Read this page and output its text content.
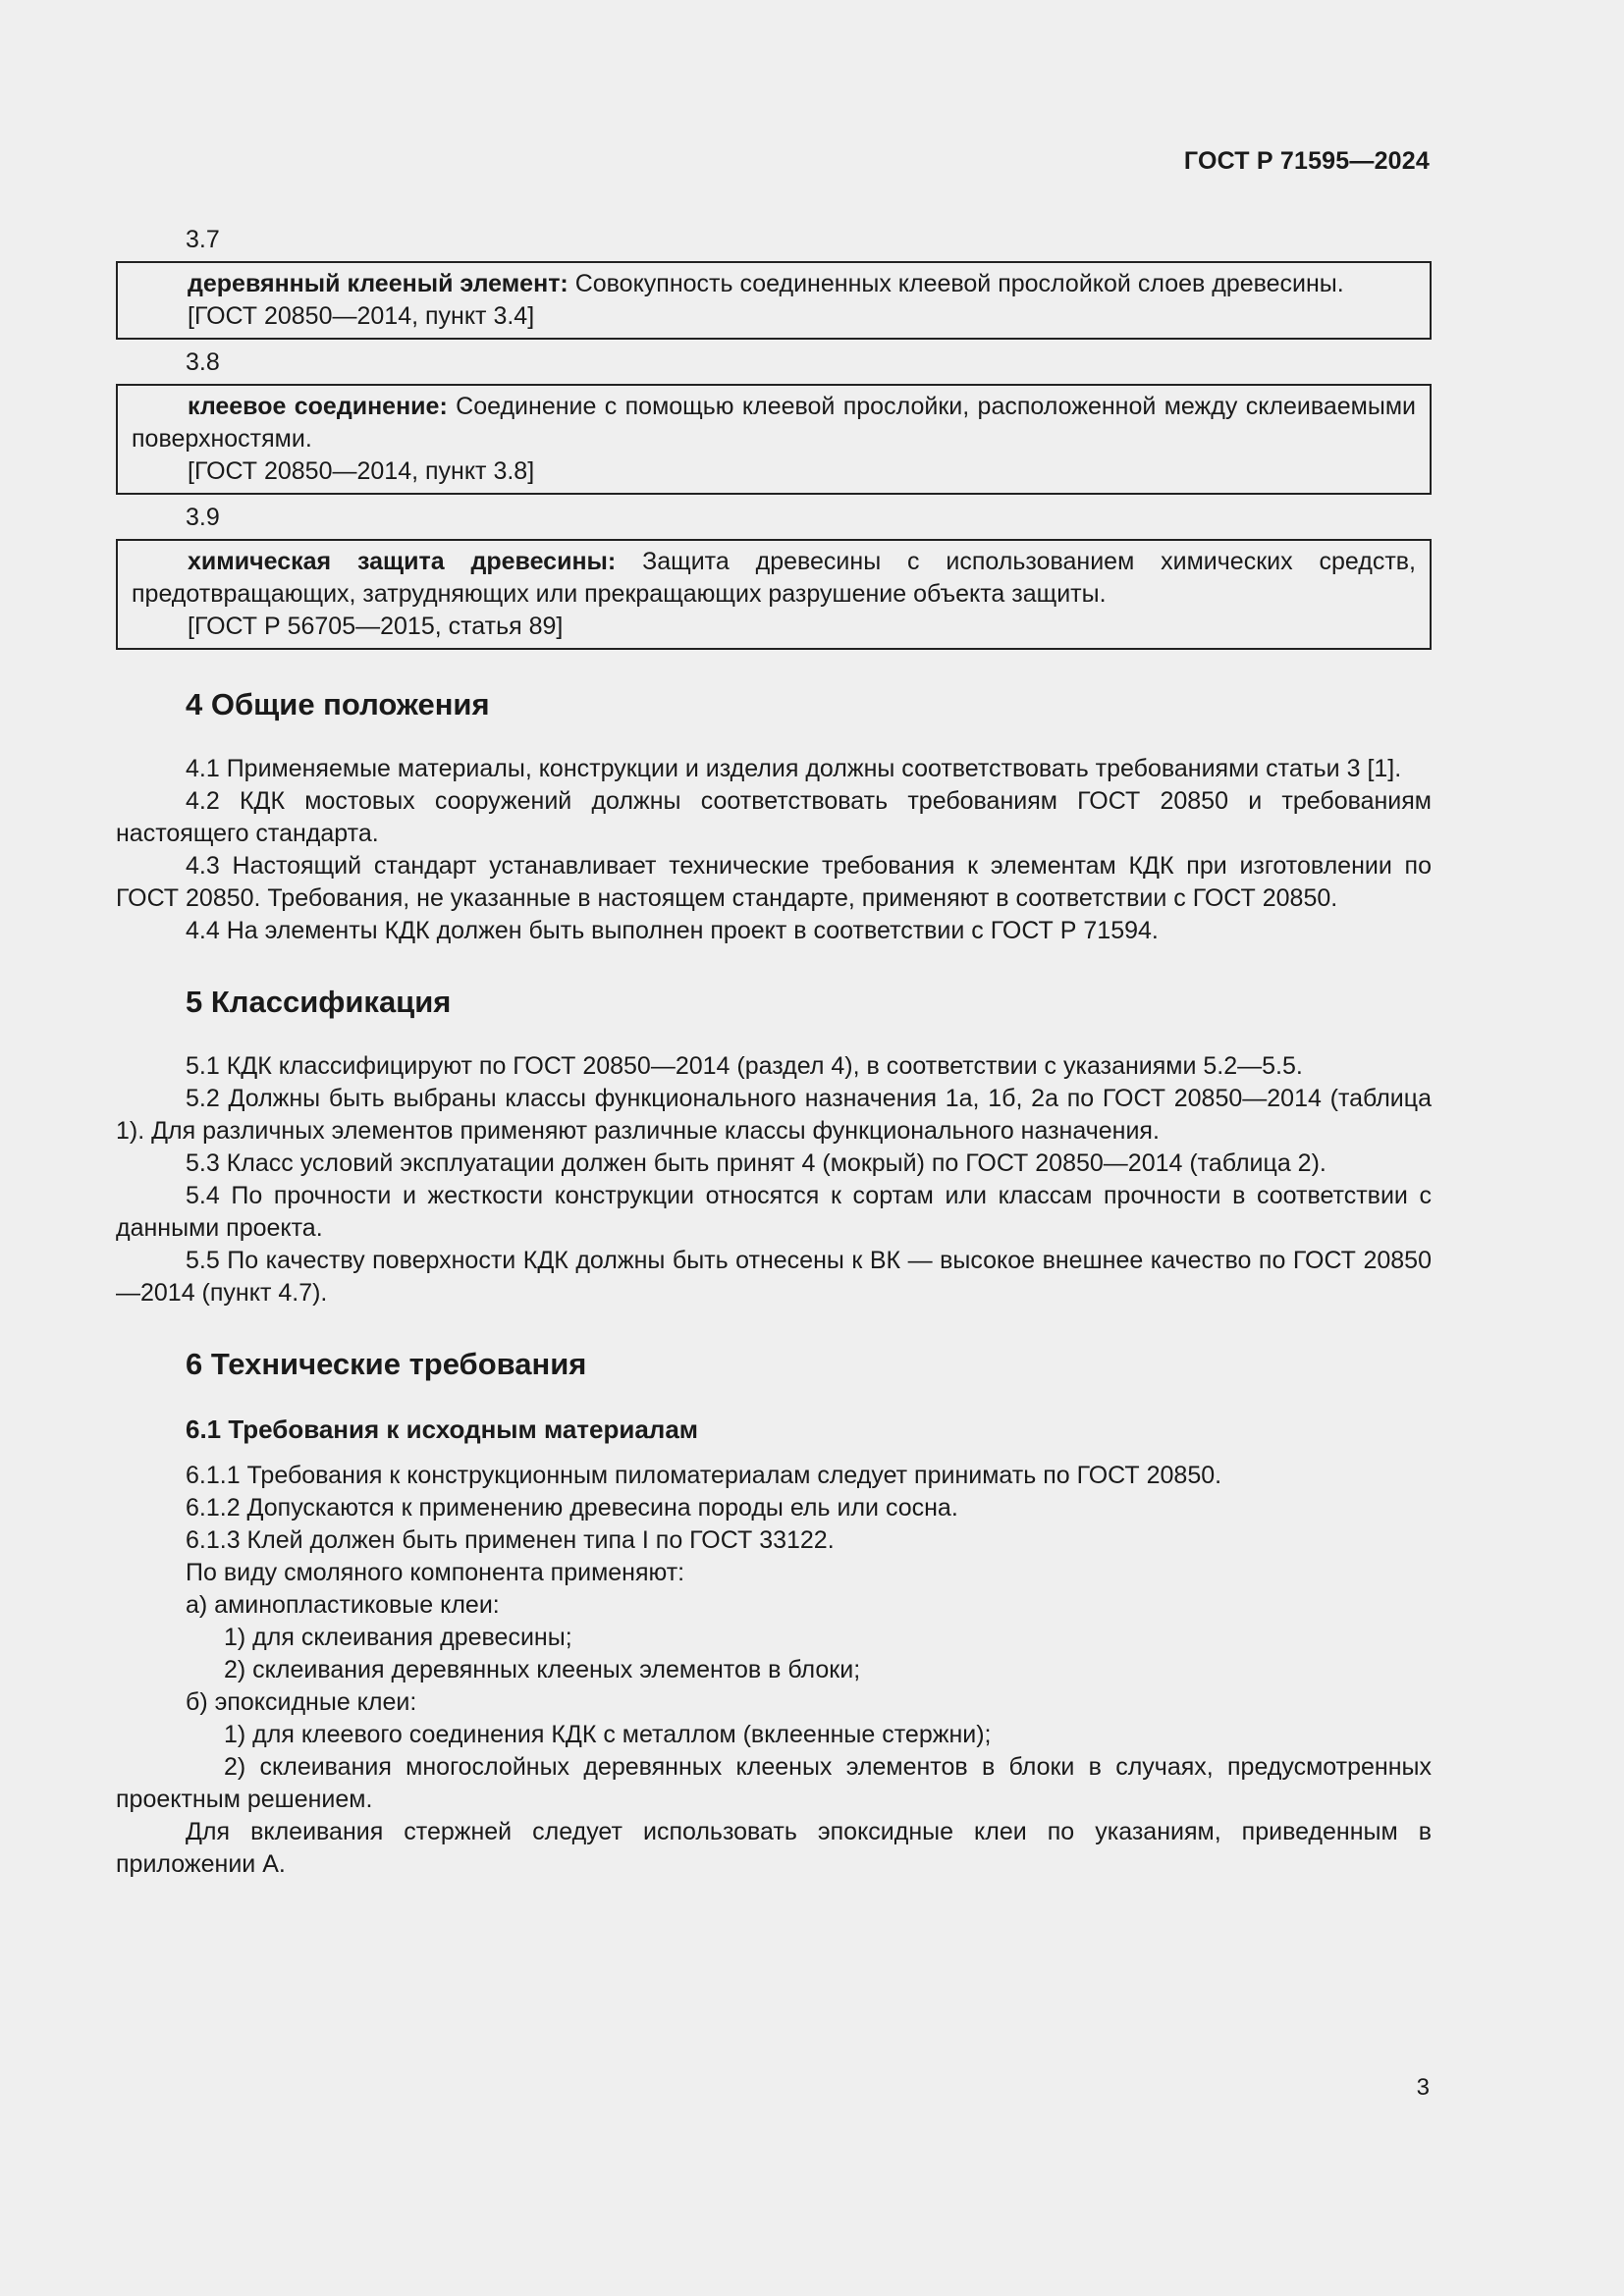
ГОСТ Р 71595—2024

3.7

деревянный клееный элемент: Совокупность соединенных клеевой прослойкой слоев древесины.

[ГОСТ 20850—2014, пункт 3.4]

3.8

клеевое соединение: Соединение с помощью клеевой прослойки, расположенной между склеиваемыми поверхностями.

[ГОСТ 20850—2014, пункт 3.8]

3.9

химическая защита древесины: Защита древесины с использованием химических средств, предотвращающих, затрудняющих или прекращающих разрушение объекта защиты.

[ГОСТ Р 56705—2015, статья 89]

4 Общие положения

4.1 Применяемые материалы, конструкции и изделия должны соответствовать требованиями статьи 3 [1].

4.2 КДК мостовых сооружений должны соответствовать требованиям ГОСТ 20850 и требованиям настоящего стандарта.

4.3 Настоящий стандарт устанавливает технические требования к элементам КДК при изготовлении по ГОСТ 20850. Требования, не указанные в настоящем стандарте, применяют в соответствии с ГОСТ 20850.

4.4 На элементы КДК должен быть выполнен проект в соответствии с ГОСТ Р 71594.

5 Классификация

5.1 КДК классифицируют по ГОСТ 20850—2014 (раздел 4), в соответствии с указаниями 5.2—5.5.

5.2 Должны быть выбраны классы функционального назначения 1а, 1б, 2а по ГОСТ 20850—2014 (таблица 1). Для различных элементов применяют различные классы функционального назначения.

5.3 Класс условий эксплуатации должен быть принят 4 (мокрый) по ГОСТ 20850—2014 (таблица 2).

5.4 По прочности и жесткости конструкции относятся к сортам или классам прочности в соответствии с данными проекта.

5.5 По качеству поверхности КДК должны быть отнесены к ВК — высокое внешнее качество по ГОСТ 20850—2014 (пункт 4.7).

6 Технические требования
6.1 Требования к исходным материалам

6.1.1 Требования к конструкционным пиломатериалам следует принимать по ГОСТ 20850.

6.1.2 Допускаются к применению древесина породы ель или сосна.

6.1.3 Клей должен быть применен типа I по ГОСТ 33122.

По виду смоляного компонента применяют:

а) аминопластиковые клеи:

1) для склеивания древесины;

2) склеивания деревянных клееных элементов в блоки;

б) эпоксидные клеи:

1) для клеевого соединения КДК с металлом (вклеенные стержни);

2) склеивания многослойных деревянных клееных элементов в блоки в случаях, предусмотренных проектным решением.

Для вклеивания стержней следует использовать эпоксидные клеи по указаниям, приведенным в приложении А.

3
